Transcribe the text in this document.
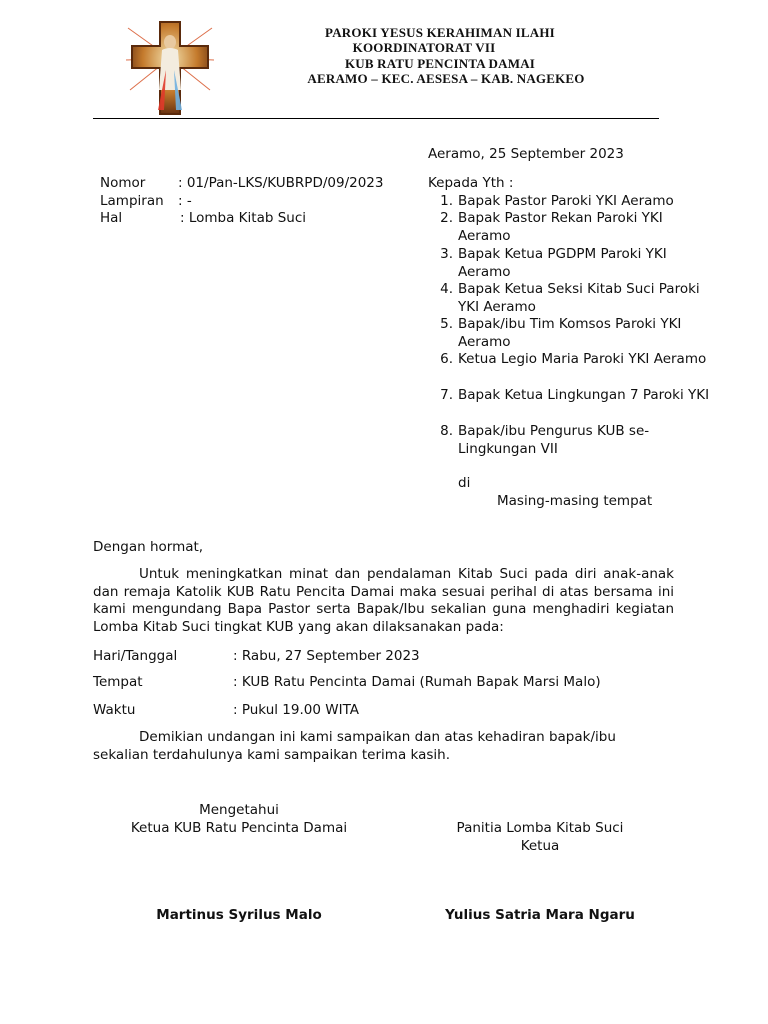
PAROKI YESUS KERAHIMAN ILAHI
KOORDINATORAT VII
KUB RATU PENCINTA DAMAI
AERAMO – KEC. AESESA – KAB. NAGEKEO
Aeramo, 25 September 2023
Nomor : 01/Pan-LKS/KUBRPD/09/2023
Lampiran : -
Hal	: Lomba Kitab Suci
Kepada Yth :
1. Bapak Pastor Paroki YKI Aeramo
2. Bapak Pastor Rekan Paroki YKI Aeramo
3. Bapak Ketua PGDPM Paroki YKI Aeramo
4. Bapak Ketua Seksi Kitab Suci Paroki YKI Aeramo
5. Bapak/ibu Tim Komsos Paroki YKI Aeramo
6. Ketua Legio Maria Paroki YKI Aeramo
7. Bapak Ketua Lingkungan 7 Paroki YKI
8. Bapak/ibu Pengurus KUB se-Lingkungan VII
di
Masing-masing tempat
Dengan hormat,
Untuk meningkatkan minat dan pendalaman Kitab Suci pada diri anak-anak dan remaja Katolik KUB Ratu Pencita Damai maka sesuai perihal di atas bersama ini kami mengundang Bapa Pastor serta Bapak/Ibu sekalian guna menghadiri kegiatan Lomba Kitab Suci tingkat KUB yang akan dilaksanakan pada:
Hari/Tanggal	: Rabu, 27 September 2023
Tempat	: KUB Ratu Pencinta Damai (Rumah Bapak Marsi Malo)
Waktu	: Pukul 19.00 WITA
Demikian undangan ini kami sampaikan dan atas kehadiran bapak/ibu sekalian terdahulunya kami sampaikan terima kasih.
Mengetahui
Ketua KUB Ratu Pencinta Damai	Panitia Lomba Kitab Suci
Ketua
Martinus Syrilus Malo	Yulius Satria Mara Ngaru
